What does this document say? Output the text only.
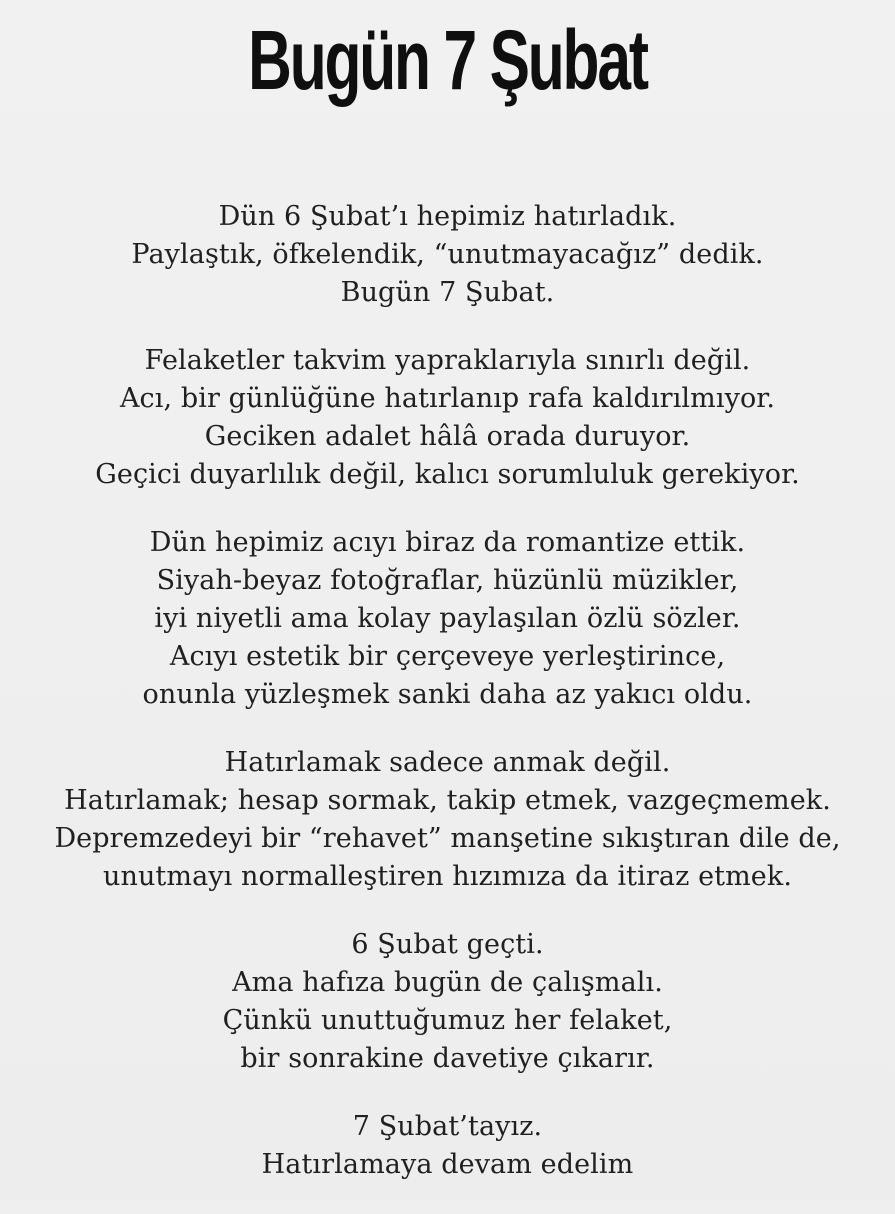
Bugün 7 Şubat
Dün 6 Şubat’ı hepimiz hatırladık.
Paylaştık, öfkelendik, “unutmayacağız” dedik.
Bugün 7 Şubat.
Felaketler takvim yapraklarıyla sınırlı değil.
Acı, bir günlüğüne hatırlanıp rafa kaldırılmıyor.
Geciken adalet hâlâ orada duruyor.
Geçici duyarlılık değil, kalıcı sorumluluk gerekiyor.
Dün hepimiz acıyı biraz da romantize ettik.
Siyah-beyaz fotoğraflar, hüzünlü müzikler,
iyi niyetli ama kolay paylaşılan özlü sözler.
Acıyı estetik bir çerçeveye yerleştirince,
onunla yüzleşmek sanki daha az yakıcı oldu.
Hatırlamak sadece anmak değil.
Hatırlamak; hesap sormak, takip etmek, vazgeçmemek.
Depremzedeyi bir “rehavet” manşetine sıkıştıran dile de,
unutmayı normalleştiren hızımıza da itiraz etmek.
6 Şubat geçti.
Ama hafıza bugün de çalışmalı.
Çünkü unuttuğumuz her felaket,
bir sonrakine davetiye çıkarır.
7 Şubat’tayız.
Hatırlamaya devam edelim
